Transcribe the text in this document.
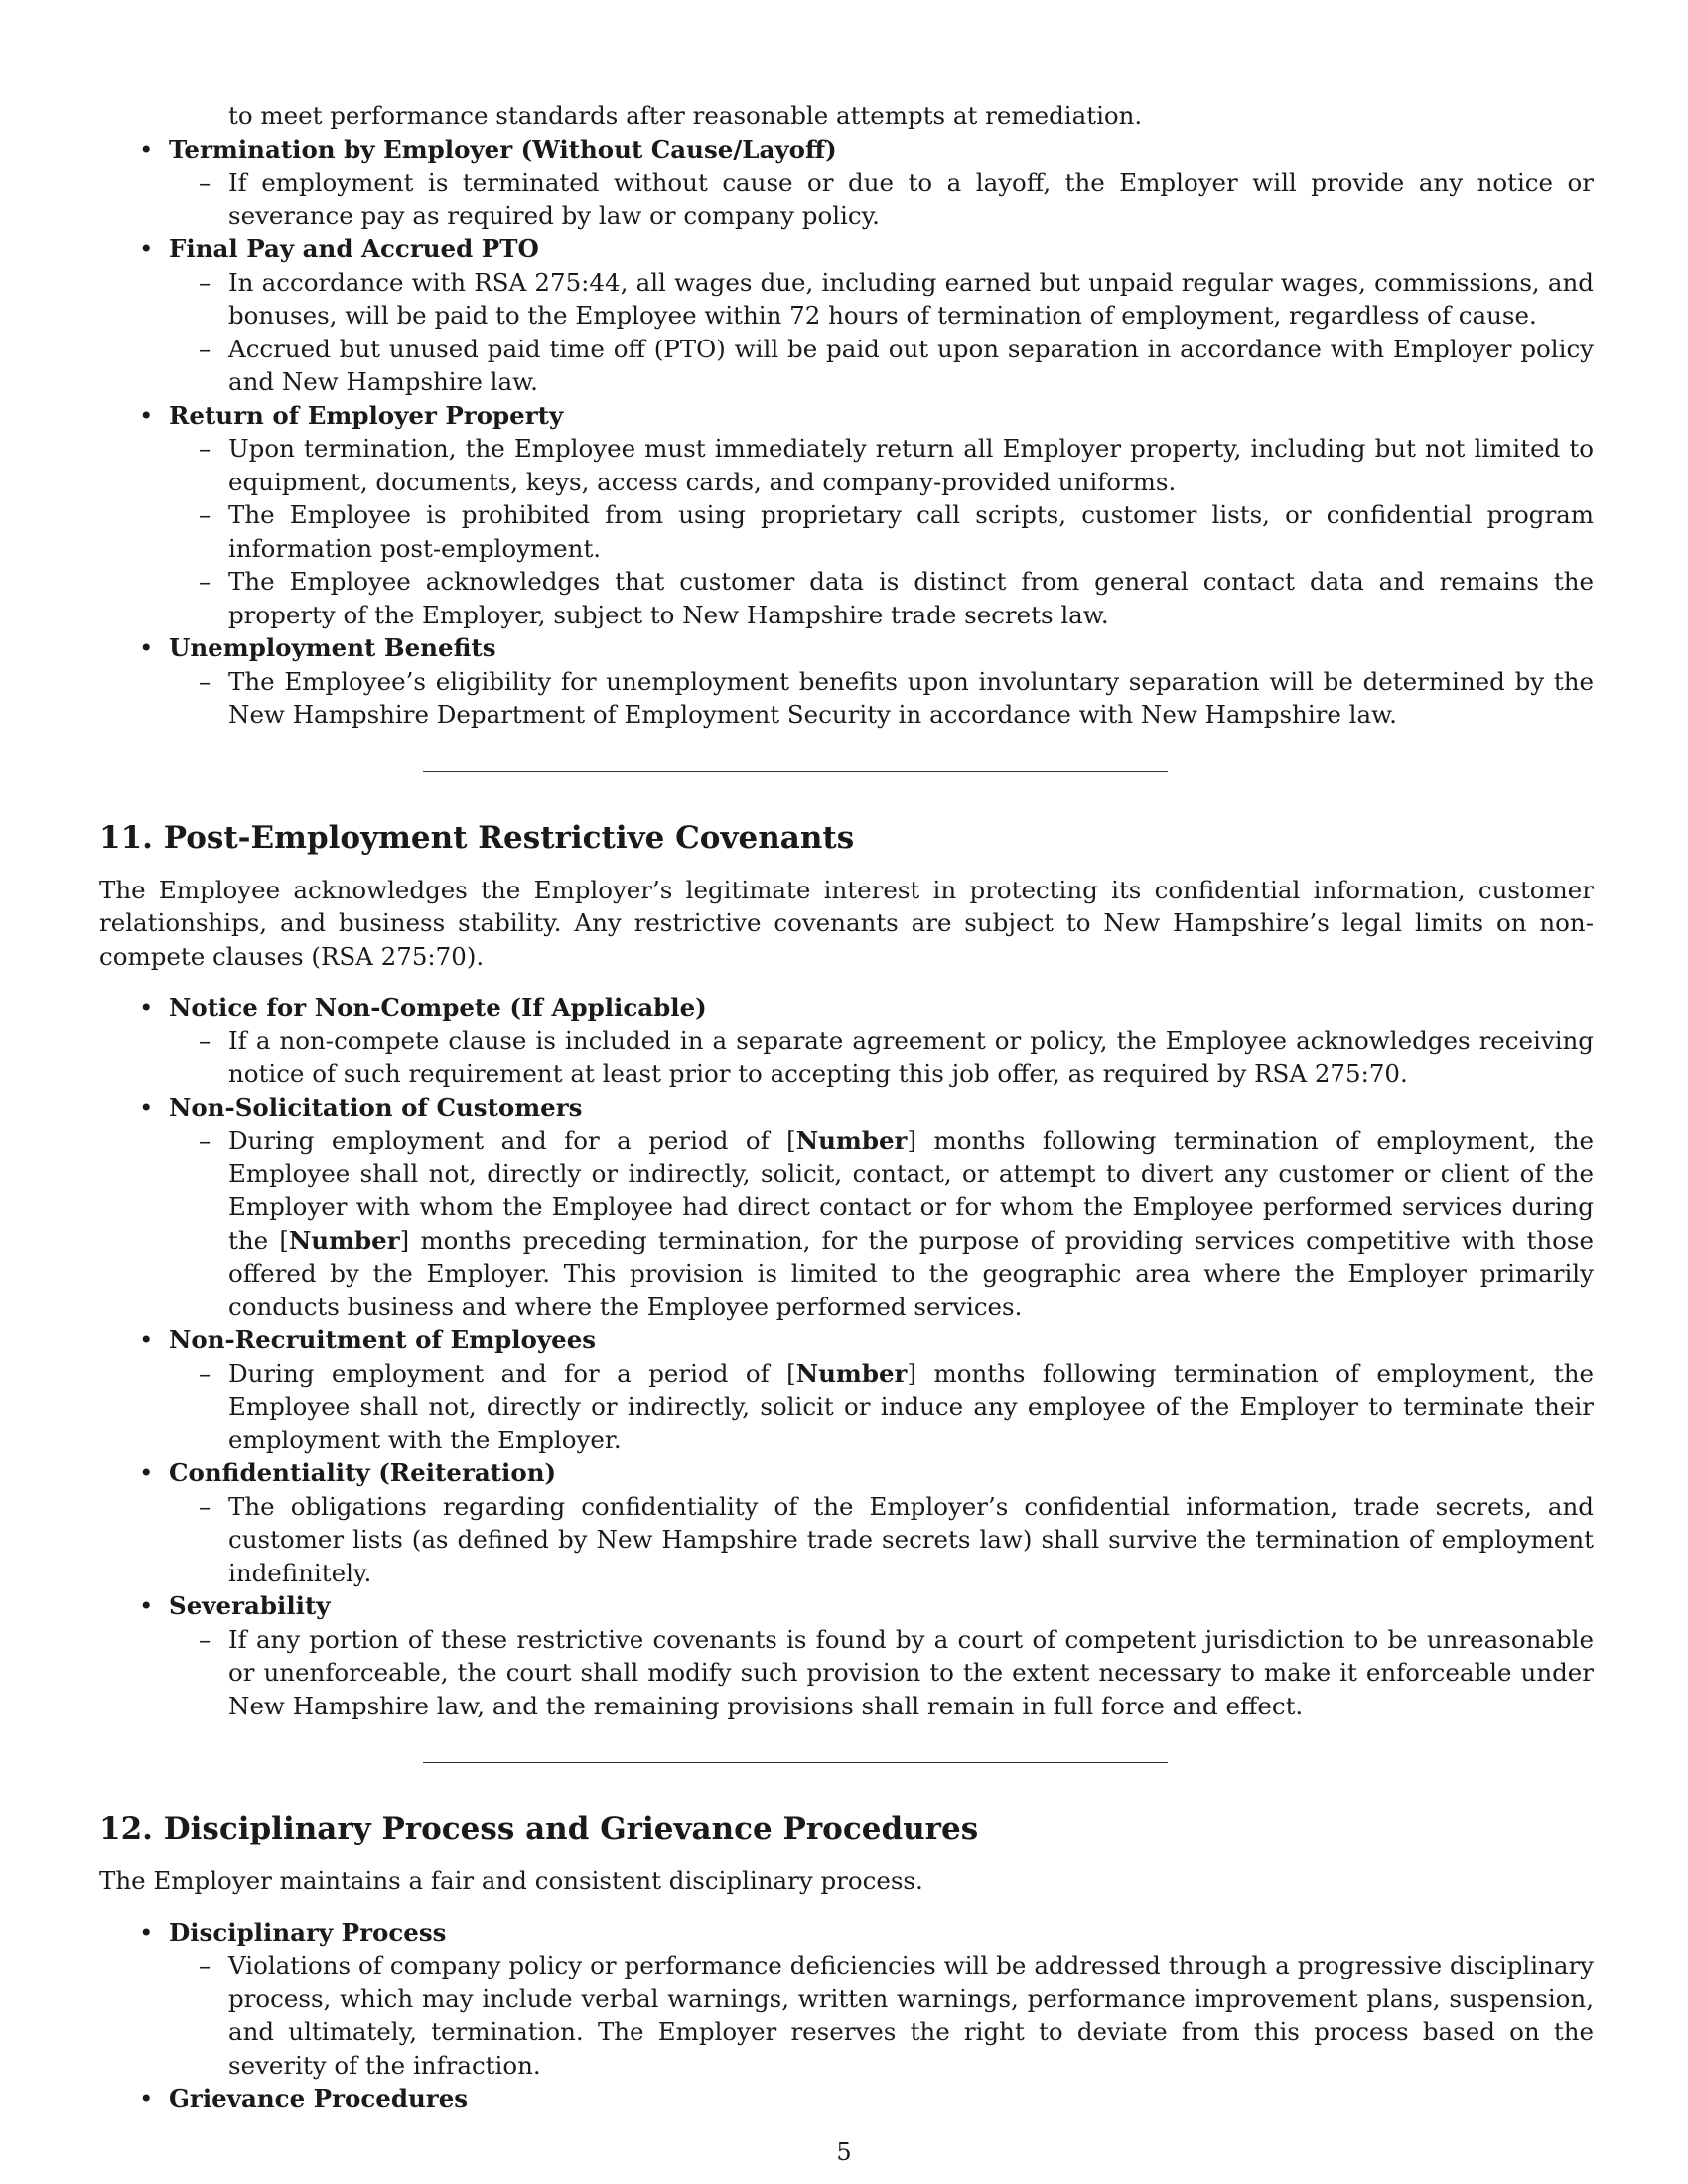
to meet performance standards after reasonable attempts at remediation.
• Termination by Employer (Without Cause/Layoff)
– If employment is terminated without cause or due to a layoff, the Employer will provide any notice or severance pay as required by law or company policy.
• Final Pay and Accrued PTO
– In accordance with RSA 275:44, all wages due, including earned but unpaid regular wages, commissions, and bonuses, will be paid to the Employee within 72 hours of termination of employment, regardless of cause.
– Accrued but unused paid time off (PTO) will be paid out upon separation in accordance with Employer policy and New Hampshire law.
• Return of Employer Property
– Upon termination, the Employee must immediately return all Employer property, including but not limited to equipment, documents, keys, access cards, and company-provided uniforms.
– The Employee is prohibited from using proprietary call scripts, customer lists, or confidential program information post-employment.
– The Employee acknowledges that customer data is distinct from general contact data and remains the property of the Employer, subject to New Hampshire trade secrets law.
• Unemployment Benefits
– The Employee’s eligibility for unemployment benefits upon involuntary separation will be determined by the New Hampshire Department of Employment Security in accordance with New Hampshire law.
11. Post-Employment Restrictive Covenants

The Employee acknowledges the Employer’s legitimate interest in protecting its confidential information, customer relationships, and business stability. Any restrictive covenants are subject to New Hampshire’s legal limits on non-compete clauses (RSA 275:70).

• Notice for Non-Compete (If Applicable)
– If a non-compete clause is included in a separate agreement or policy, the Employee acknowledges receiving notice of such requirement at least prior to accepting this job offer, as required by RSA 275:70.
• Non-Solicitation of Customers
– During employment and for a period of [Number] months following termination of employment, the Employee shall not, directly or indirectly, solicit, contact, or attempt to divert any customer or client of the Employer with whom the Employee had direct contact or for whom the Employee performed services during the [Number] months preceding termination, for the purpose of providing services competitive with those offered by the Employer. This provision is limited to the geographic area where the Employer primarily conducts business and where the Employee performed services.
• Non-Recruitment of Employees
– During employment and for a period of [Number] months following termination of employment, the Employee shall not, directly or indirectly, solicit or induce any employee of the Employer to terminate their employment with the Employer.
• Confidentiality (Reiteration)
– The obligations regarding confidentiality of the Employer’s confidential information, trade secrets, and customer lists (as defined by New Hampshire trade secrets law) shall survive the termination of employment indefinitely.
• Severability
– If any portion of these restrictive covenants is found by a court of competent jurisdiction to be unreasonable or unenforceable, the court shall modify such provision to the extent necessary to make it enforceable under New Hampshire law, and the remaining provisions shall remain in full force and effect.
12. Disciplinary Process and Grievance Procedures

The Employer maintains a fair and consistent disciplinary process.

• Disciplinary Process
– Violations of company policy or performance deficiencies will be addressed through a progressive disciplinary process, which may include verbal warnings, written warnings, performance improvement plans, suspension, and ultimately, termination. The Employer reserves the right to deviate from this process based on the severity of the infraction.
• Grievance Procedures
5
